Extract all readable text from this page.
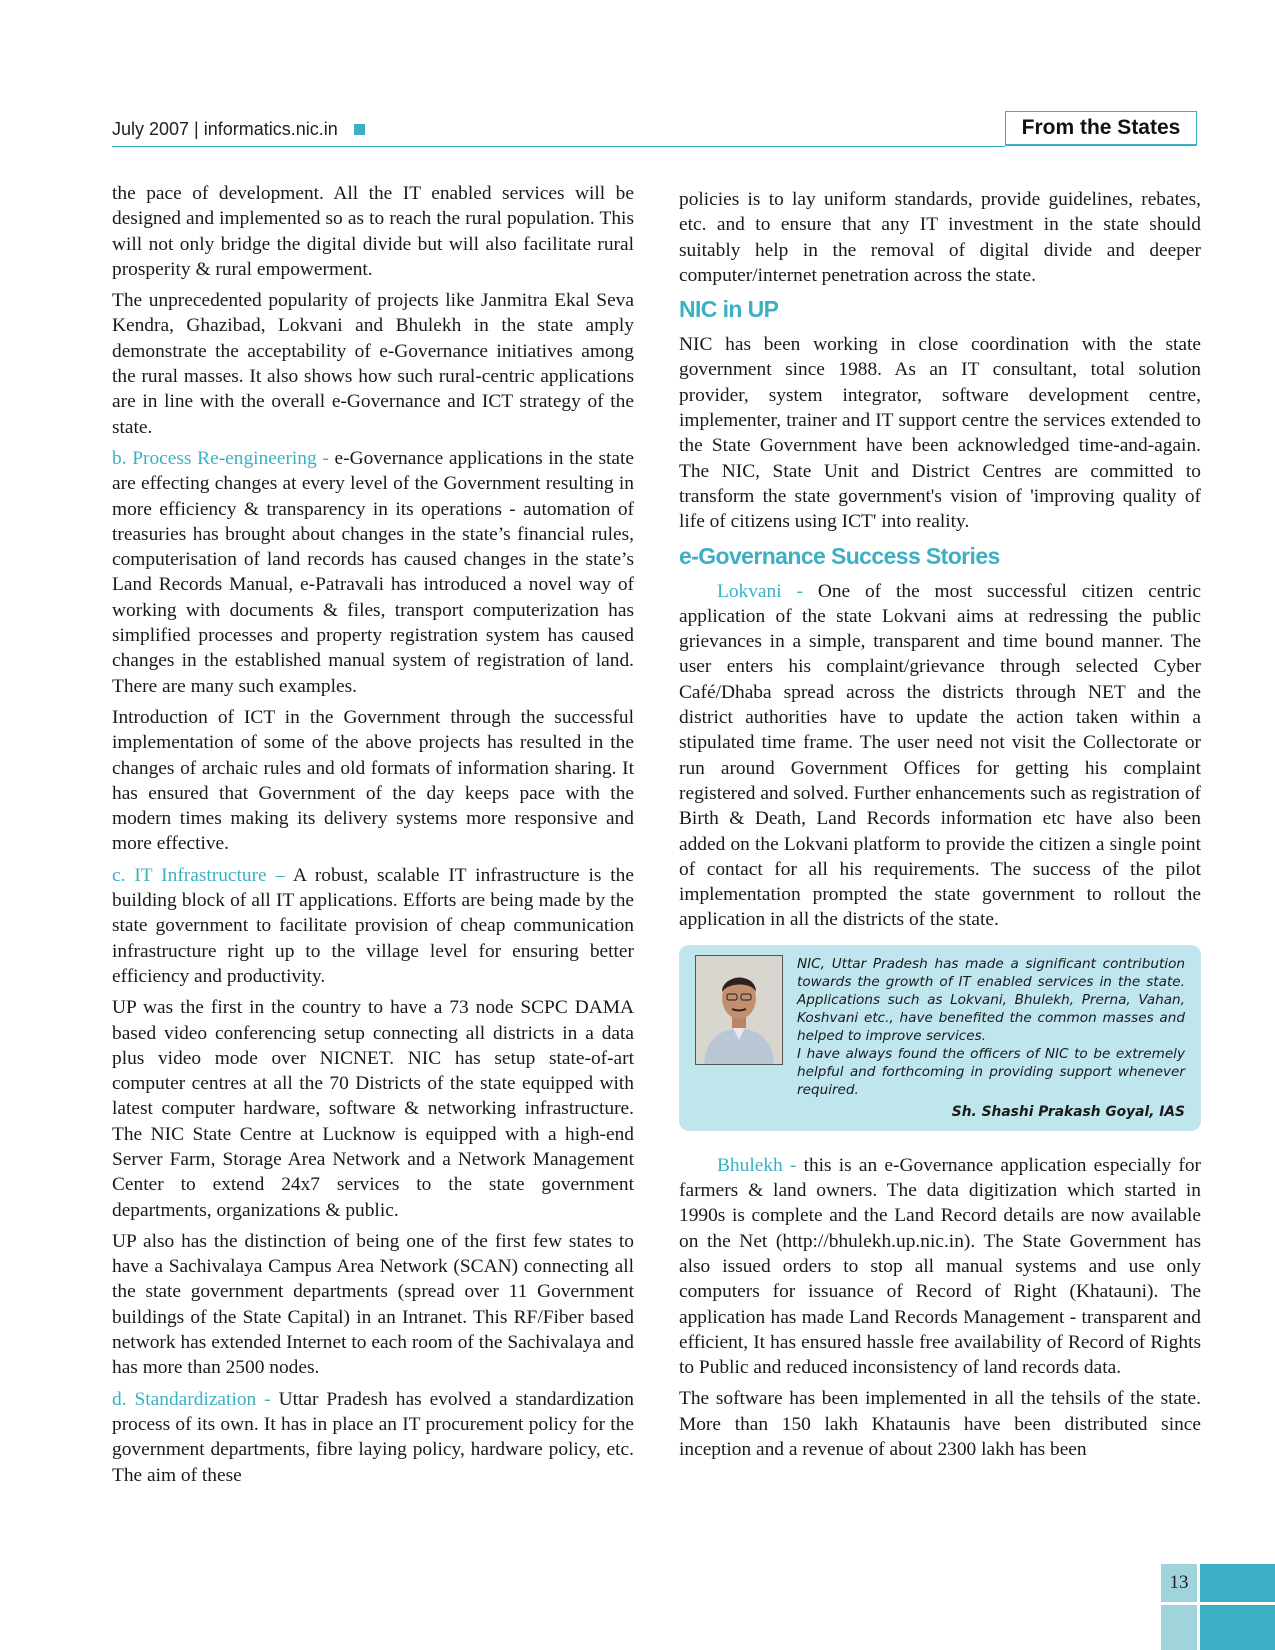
July 2007 | informatics.nic.in	From the States

the pace of development. All the IT enabled services will be designed and implemented so as to reach the rural population. This will not only bridge the digital divide but will also facilitate rural prosperity & rural empowerment.

The unprecedented popularity of projects like Janmitra Ekal Seva Kendra, Ghazibad, Lokvani and Bhulekh in the state amply demonstrate the acceptability of e-Governance initiatives among the rural masses. It also shows how such rural-centric applications are in line with the overall e-Governance and ICT strategy of the state.

b. Process Re-engineering - e-Governance applications in the state are effecting changes at every level of the Government resulting in more efficiency & transparency in its operations - automation of treasuries has brought about changes in the state’s financial rules, computerisation of land records has caused changes in the state’s Land Records Manual, e-Patravali has introduced a novel way of working with documents & files, transport computerization has simplified processes and property registration system has caused changes in the established manual system of registration of land. There are many such examples.

Introduction of ICT in the Government through the successful implementation of some of the above projects has resulted in the changes of archaic rules and old formats of information sharing. It has ensured that Government of the day keeps pace with the modern times making its delivery systems more responsive and more effective.

c. IT Infrastructure – A robust, scalable IT infrastructure is the building block of all IT applications. Efforts are being made by the state government to facilitate provision of cheap communication infrastructure right up to the village level for ensuring better efficiency and productivity.

UP was the first in the country to have a 73 node SCPC DAMA based video conferencing setup connecting all districts in a data plus video mode over NICNET. NIC has setup state-of-art computer centres at all the 70 Districts of the state equipped with latest computer hardware, software & networking infrastructure. The NIC State Centre at Lucknow is equipped with a high-end Server Farm, Storage Area Network and a Network Management Center to extend 24x7 services to the state government departments, organizations & public.

UP also has the distinction of being one of the first few states to have a Sachivalaya Campus Area Network (SCAN) connecting all the state government departments (spread over 11 Government buildings of the State Capital) in an Intranet. This RF/Fiber based network has extended Internet to each room of the Sachivalaya and has more than 2500 nodes.

d. Standardization - Uttar Pradesh has evolved a standardization process of its own. It has in place an IT procurement policy for the government departments, fibre laying policy, hardware policy, etc. The aim of these

policies is to lay uniform standards, provide guidelines, rebates, etc. and to ensure that any IT investment in the state should suitably help in the removal of digital divide and deeper computer/internet penetration across the state.

NIC in UP

NIC has been working in close coordination with the state government since 1988. As an IT consultant, total solution provider, system integrator, software development centre, implementer, trainer and IT support centre the services extended to the State Government have been acknowledged time-and-again. The NIC, State Unit and District Centres are committed to transform the state government's vision of 'improving quality of life of citizens using ICT' into reality.

e-Governance Success Stories

Lokvani - One of the most successful citizen centric application of the state Lokvani aims at redressing the public grievances in a simple, transparent and time bound manner. The user enters his complaint/grievance through selected Cyber Café/Dhaba spread across the districts through NET and the district authorities have to update the action taken within a stipulated time frame. The user need not visit the Collectorate or run around Government Offices for getting his complaint registered and solved. Further enhancements such as registration of Birth & Death, Land Records information etc have also been added on the Lokvani platform to provide the citizen a single point of contact for all his requirements. The success of the pilot implementation prompted the state government to rollout the application in all the districts of the state.

NIC, Uttar Pradesh has made a significant contribution towards the growth of IT enabled services in the state. Applications such as Lokvani, Bhulekh, Prerna, Vahan, Koshvani etc., have benefited the common masses and helped to improve services.

I have always found the officers of NIC to be extremely helpful and forthcoming in providing support whenever required.

Sh. Shashi Prakash Goyal, IAS

Bhulekh - this is an e-Governance application especially for farmers & land owners. The data digitization which started in 1990s is complete and the Land Record details are now available on the Net (http://bhulekh.up.nic.in). The State Government has also issued orders to stop all manual systems and use only computers for issuance of Record of Right (Khatauni). The application has made Land Records Management - transparent and efficient, It has ensured hassle free availability of Record of Rights to Public and reduced inconsistency of land records data.

The software has been implemented in all the tehsils of the state. More than 150 lakh Khataunis have been distributed since inception and a revenue of about 2300 lakh has been

13
